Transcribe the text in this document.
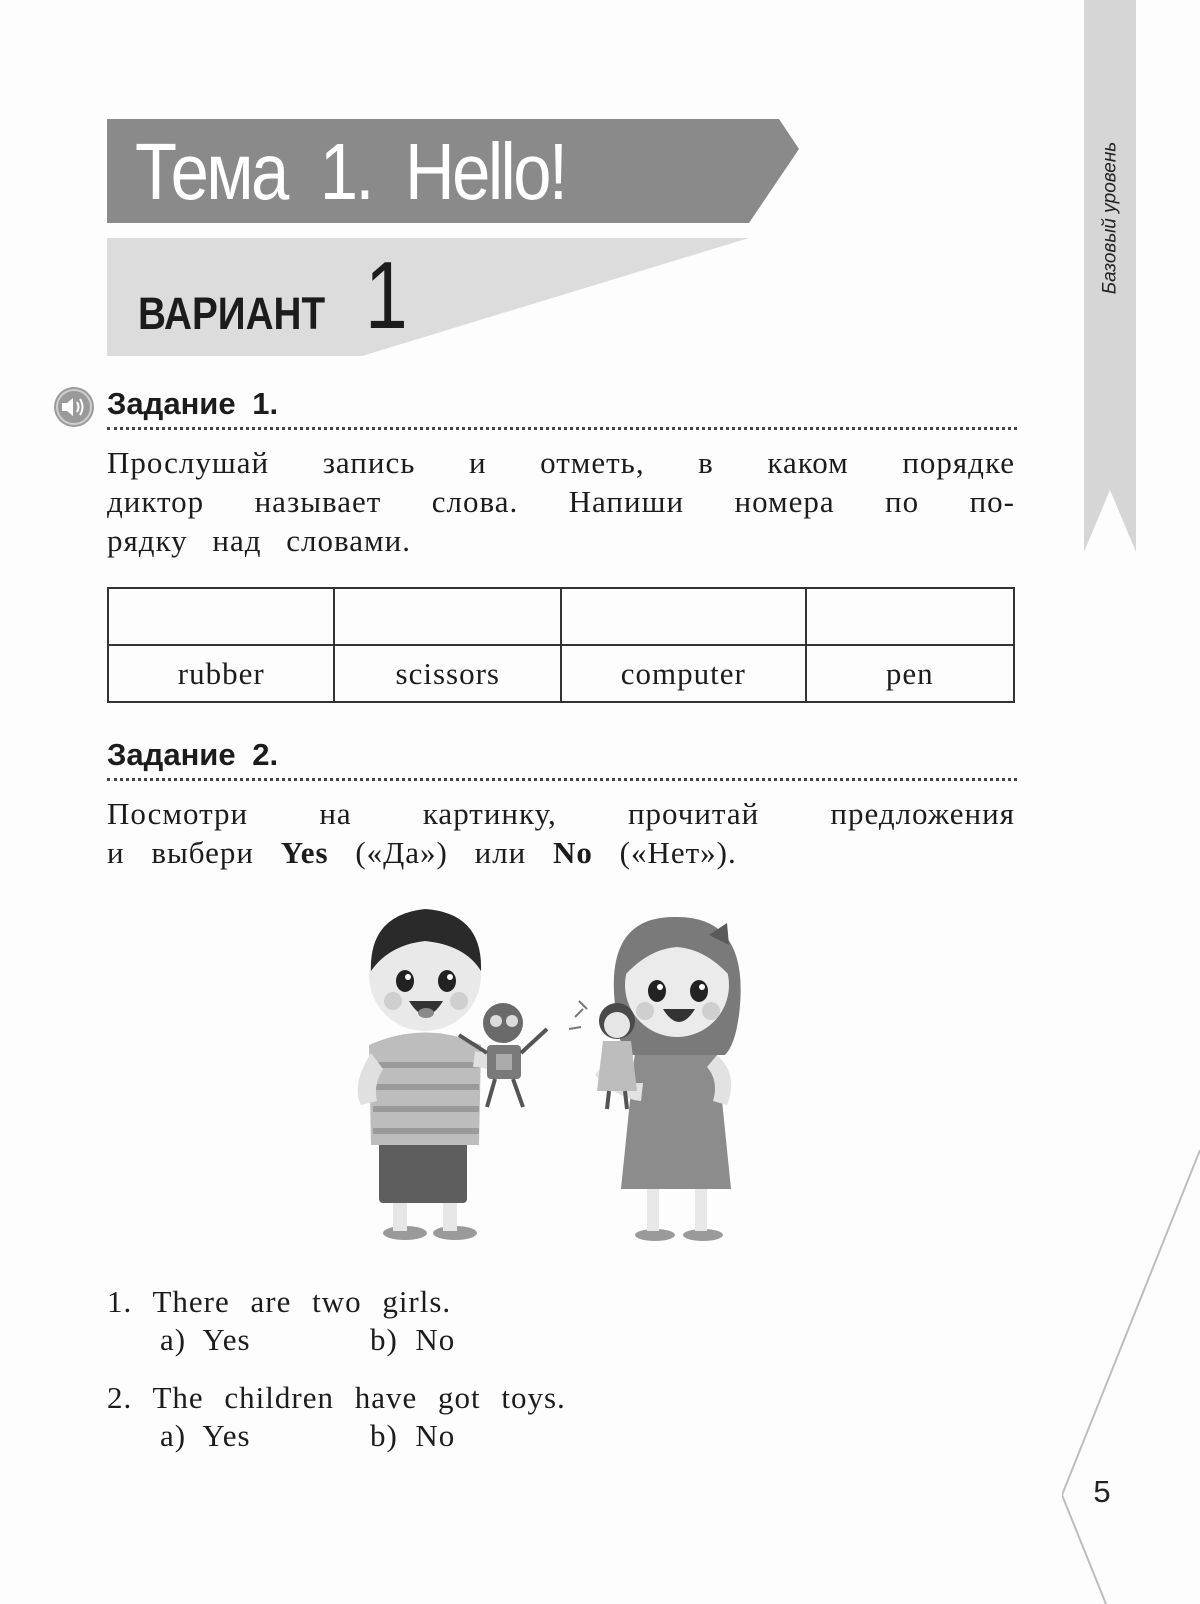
Базовый уровень
5
Тема  1.  Hello!
ВАРИАНТ 1
Задание 1.
Прослушай запись и отметь, в каком порядке
диктор называет слова. Напиши номера по по-
рядку над словами.

rubber	scissors	computer	pen
Задание 2.
Посмотри на картинку, прочитай предложения
и выбери Yes («Да») или No («Нет»).
1. There are two girls.
a)  Yes	b)  No
2. The children have got toys.
a)  Yes	b)  No
